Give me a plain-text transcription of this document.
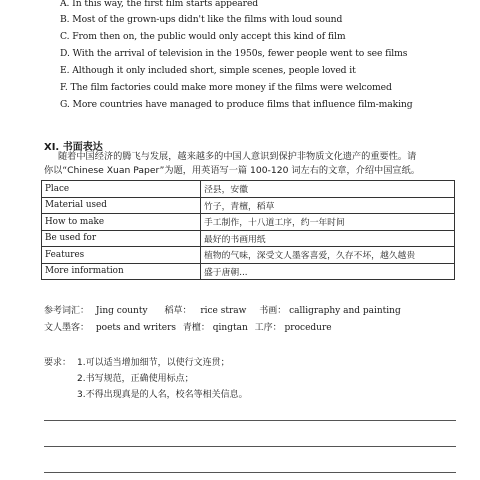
A. In this way, the first film starts appeared
B. Most of the grown-ups didn't like the films with loud sound
C. From then on, the public would only accept this kind of film
D. With the arrival of television in the 1950s, fewer people went to see films
E. Although it only included short, simple scenes, people loved it
F. The film factories could make more money if the films were welcomed
G. More countries have managed to produce films that influence film-making
XI. 书面表达
随着中国经济的腾飞与发展，越来越多的中国人意识到保护非物质文化遗产的重要性。请
你以“Chinese Xuan Paper”为题，用英语写一篇 100-120 词左右的文章，介绍中国宣纸。
Place	泾县，安徽
Material used	竹子，青檀，稻草
How to make	手工制作，十八道工序，约一年时间
Be used for	最好的书画用纸
Features	植物的气味，深受文人墨客喜爱，久存不坏，越久越贵
More information	盛于唐朝...
参考词汇： Jing county 稻草： rice straw 书画： calligraphy and painting
文人墨客： poets and writers 青檀： qingtan 工序： procedure
要求： 1.可以适当增加细节，以使行文连贯；
2.书写规范，正确使用标点；
3.不得出现真是的人名，校名等相关信息。
